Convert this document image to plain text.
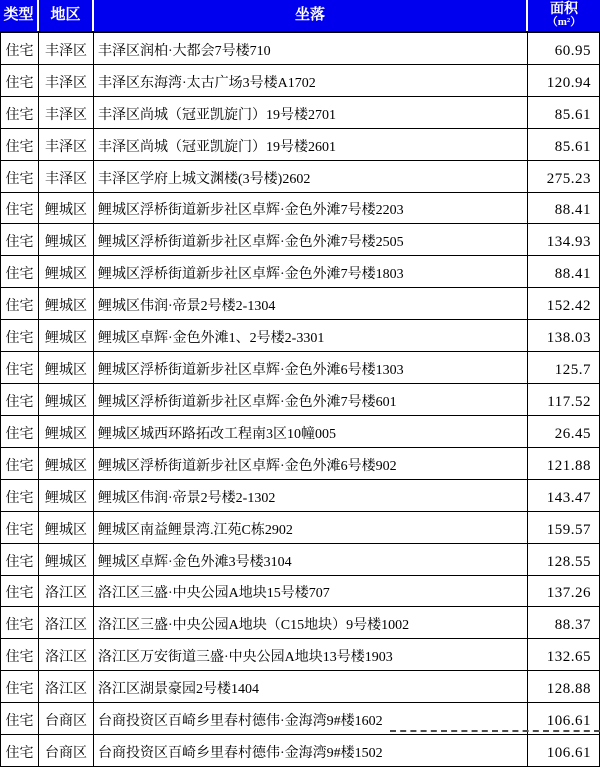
类型	地区	坐落	面积
（m²）
住宅 丰泽区 丰泽区润柏·大都会7号楼710	60.95
住宅 丰泽区 丰泽区东海湾·太古广场3号楼A1702	120.94
住宅 丰泽区 丰泽区尚城（冠亚凯旋门）19号楼2701	85.61
住宅 丰泽区 丰泽区尚城（冠亚凯旋门）19号楼2601	85.61
住宅 丰泽区 丰泽区学府上城文渊楼(3号楼)2602	275.23
住宅 鲤城区 鲤城区浮桥街道新步社区卓辉·金色外滩7号楼2203	88.41
住宅 鲤城区 鲤城区浮桥街道新步社区卓辉·金色外滩7号楼2505	134.93
住宅 鲤城区 鲤城区浮桥街道新步社区卓辉·金色外滩7号楼1803	88.41
住宅 鲤城区 鲤城区伟润·帝景2号楼2-1304	152.42
住宅 鲤城区 鲤城区卓辉·金色外滩1、2号楼2-3301	138.03
住宅 鲤城区 鲤城区浮桥街道新步社区卓辉·金色外滩6号楼1303	125.7
住宅 鲤城区 鲤城区浮桥街道新步社区卓辉·金色外滩7号楼601	117.52
住宅 鲤城区 鲤城区城西环路拓改工程南3区10幢005	26.45
住宅 鲤城区 鲤城区浮桥街道新步社区卓辉·金色外滩6号楼902	121.88
住宅 鲤城区 鲤城区伟润·帝景2号楼2-1302	143.47
住宅 鲤城区 鲤城区南益鲤景湾.江苑C栋2902	159.57
住宅 鲤城区 鲤城区卓辉·金色外滩3号楼3104	128.55
住宅 洛江区 洛江区三盛·中央公园A地块15号楼707	137.26
住宅 洛江区 洛江区三盛·中央公园A地块（C15地块）9号楼1002	88.37
住宅 洛江区 洛江区万安街道三盛·中央公园A地块13号楼1903	132.65
住宅 洛江区 洛江区湖景豪园2号楼1404	128.88
住宅 台商区 台商投资区百崎乡里春村德伟·金海湾9#楼1602	106.61
住宅 台商区 台商投资区百崎乡里春村德伟·金海湾9#楼1502	106.61
